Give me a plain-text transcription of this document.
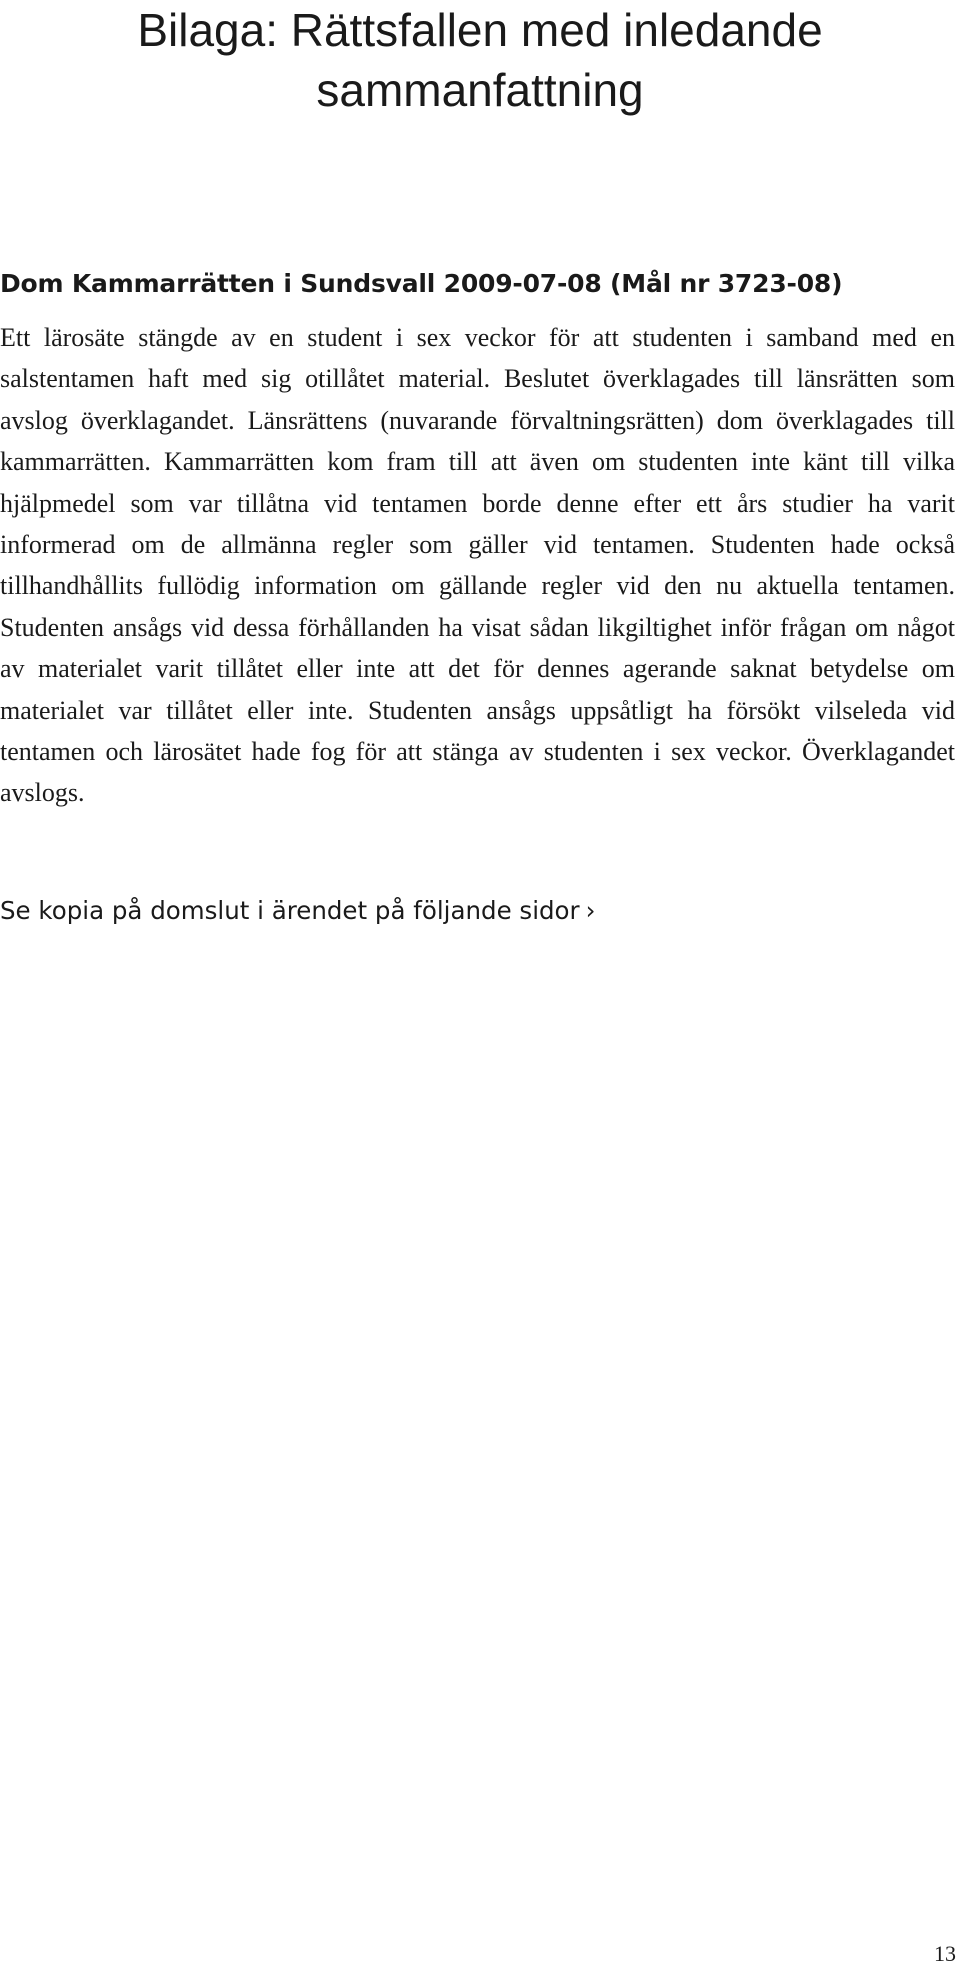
Bilaga: Rättsfallen med inledande
sammanfattning
Dom Kammarrätten i Sundsvall 2009-07-08 (Mål nr 3723-08)

Ett lärosäte stängde av en student i sex veckor för att studenten i samband med en salstentamen haft med sig otillåtet material. Beslutet överklagades till länsrätten som avslog överklagandet. Länsrättens (nuvarande förvaltningsrätten) dom överklagades till kammarrätten. Kammarrätten kom fram till att även om studenten inte känt till vilka hjälpmedel som var tillåtna vid tentamen borde denne efter ett års studier ha varit informerad om de allmänna regler som gäller vid tentamen. Studenten hade också tillhandhållits fullödig information om gällande regler vid den nu aktuella tentamen. Studenten ansågs vid dessa förhållanden ha visat sådan likgiltighet inför frågan om något av materialet varit tillåtet eller inte att det för dennes agerande saknat betydelse om materialet var tillåtet eller inte. Studenten ansågs uppsåtligt ha försökt vilseleda vid tentamen och lärosätet hade fog för att stänga av studenten i sex veckor. Överklagandet avslogs.

Se kopia på domslut i ärendet på följande sidor ›
13
